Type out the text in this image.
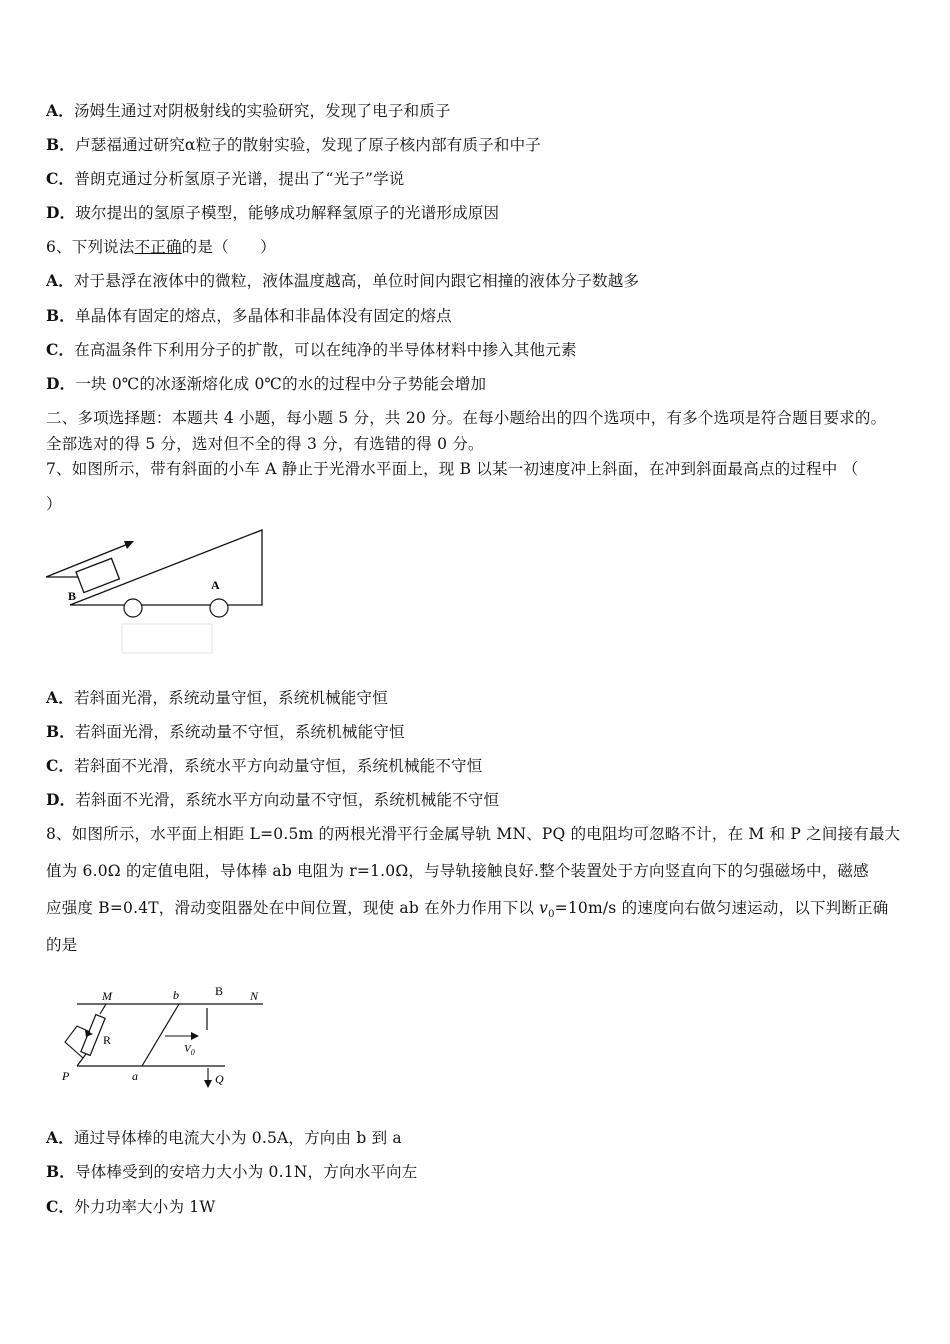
A．汤姆生通过对阴极射线的实验研究，发现了电子和质子
B．卢瑟福通过研究α粒子的散射实验，发现了原子核内部有质子和中子
C．普朗克通过分析氢原子光谱，提出了“光子”学说
D．玻尔提出的氢原子模型，能够成功解释氢原子的光谱形成原因
6、下列说法不正确的是（　　）
A．对于悬浮在液体中的微粒，液体温度越高，单位时间内跟它相撞的液体分子数越多
B．单晶体有固定的熔点，多晶体和非晶体没有固定的熔点
C．在高温条件下利用分子的扩散，可以在纯净的半导体材料中掺入其他元素
D．一块 0℃的冰逐渐熔化成 0℃的水的过程中分子势能会增加
二、多项选择题：本题共 4 小题，每小题 5 分，共 20 分。在每小题给出的四个选项中，有多个选项是符合题目要求的。
全部选对的得 5 分，选对但不全的得 3 分，有选错的得 0 分。
7、如图所示，带有斜面的小车 A 静止于光滑水平面上，现 B 以某一初速度冲上斜面，在冲到斜面最高点的过程中 （
）
B
A
A．若斜面光滑，系统动量守恒，系统机械能守恒
B．若斜面光滑，系统动量不守恒，系统机械能守恒
C．若斜面不光滑，系统水平方向动量守恒，系统机械能不守恒
D．若斜面不光滑，系统水平方向动量不守恒，系统机械能不守恒
8、如图所示，水平面上相距 L=0.5m 的两根光滑平行金属导轨 MN、PQ 的电阻均可忽略不计，在 M 和 P 之间接有最大
值为 6.0Ω 的定值电阻，导体棒 ab 电阻为 r=1.0Ω，与导轨接触良好.整个装置处于方向竖直向下的匀强磁场中，磁感
应强度 B=0.4T，滑动变阻器处在中间位置，现使 ab 在外力作用下以 $v_0=10m/s$ 的速度向右做匀速运动，以下判断正确
的是
M	b	B N
R
$V_0$
P	a	Q
A．通过导体棒的电流大小为 0.5A，方向由 b 到 a
B．导体棒受到的安培力大小为 0.1N，方向水平向左
C．外力功率大小为 1W
